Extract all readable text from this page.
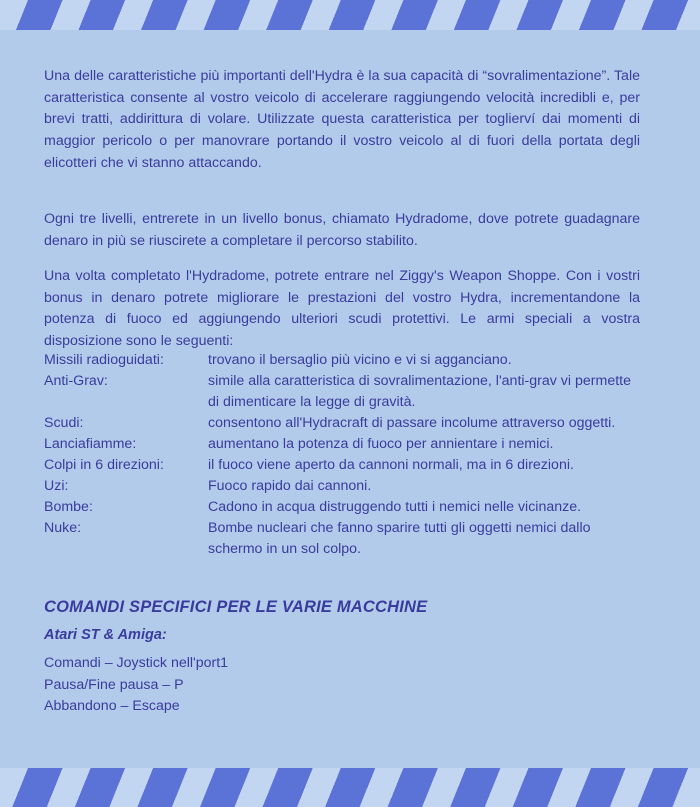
Una delle caratteristiche più importanti dell'Hydra è la sua capacità di “sovralimentazione”. Tale caratteristica consente al vostro veicolo di accelerare raggiungendo velocità incredibli e, per brevi tratti, addirittura di volare. Utilizzate questa caratteristica per toglierví dai momenti di maggior pericolo o per manovrare portando il vostro veicolo al di fuori della portata degli elicotteri che vi stanno attaccando.

Ogni tre livelli, entrerete in un livello bonus, chiamato Hydradome, dove potrete guadagnare denaro in più se riuscirete a completare il percorso stabilito.

Una volta completato l'Hydradome, potrete entrare nel Ziggy's Weapon Shoppe. Con i vostri bonus in denaro potrete migliorare le prestazioni del vostro Hydra, incrementandone la potenza di fuoco ed aggiungendo ulteriori scudi protettivi. Le armi speciali a vostra disposizione sono le seguenti:

Missili radioguidati:	trovano il bersaglio più vicino e vi si agganciano.
Anti-Grav:	simile alla caratteristica di sovralimentazione, l'anti-grav vi permette di dimenticare la legge di gravità.
Scudi:	consentono all'Hydracraft di passare incolume attraverso oggetti.
Lanciafiamme:	aumentano la potenza di fuoco per annientare i nemici.
Colpi in 6 direzioni:	il fuoco viene aperto da cannoni normali, ma in 6 direzioni.
Uzi:	Fuoco rapido dai cannoni.
Bombe:	Cadono in acqua distruggendo tutti i nemici nelle vicinanze.
Nuke:	Bombe nucleari che fanno sparire tutti gli oggetti nemici dallo schermo in un sol colpo.
COMANDI SPECIFICI PER LE VARIE MACCHINE
Atari ST & Amiga:
Comandi – Joystick nell'port1
Pausa/Fine pausa – P
Abbandono – Escape
